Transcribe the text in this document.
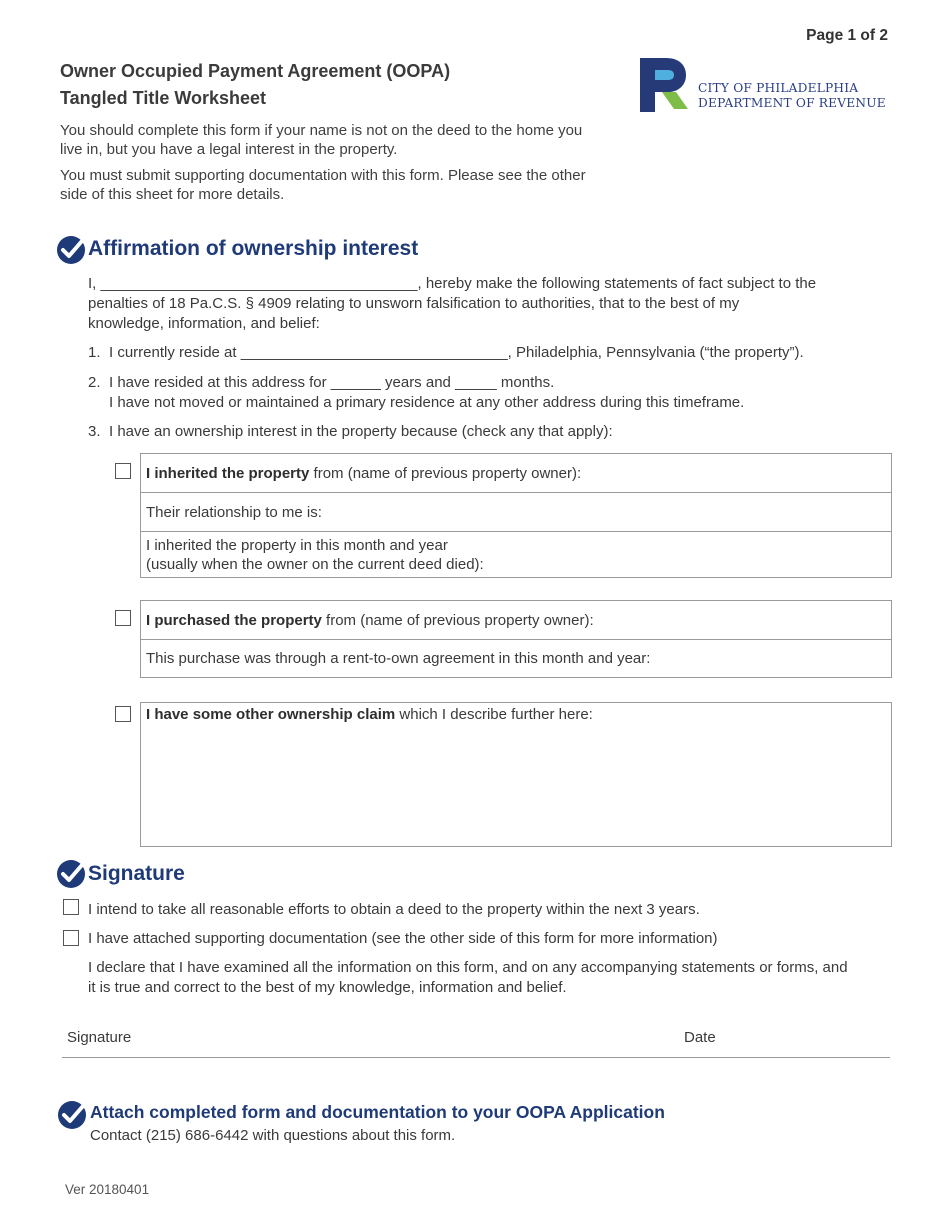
Page 1 of 2
Owner Occupied Payment Agreement (OOPA)
Tangled Title Worksheet
You should complete this form if your name is not on the deed to the home you live in, but you have a legal interest in the property.
You must submit supporting documentation with this form. Please see the other side of this sheet for more details.
CITY OF PHILADELPHIA
DEPARTMENT OF REVENUE
Affirmation of ownership interest
I, ______________________________________, hereby make the following statements of fact subject to the penalties of 18 Pa.C.S. § 4909 relating to unsworn falsification to authorities, that to the best of my knowledge, information, and belief:
1. I currently reside at ________________________________, Philadelphia, Pennsylvania (“the property”).
2. I have resided at this address for ______ years and _____ months.
I have not moved or maintained a primary residence at any other address during this timeframe.
3. I have an ownership interest in the property because (check any that apply):
I inherited the property from (name of previous property owner):
Their relationship to me is:
I inherited the property in this month and year
(usually when the owner on the current deed died):
I purchased the property from (name of previous property owner):
This purchase was through a rent-to-own agreement in this month and year:
I have some other ownership claim which I describe further here:
Signature
I intend to take all reasonable efforts to obtain a deed to the property within the next 3 years.
I have attached supporting documentation (see the other side of this form for more information)
I declare that I have examined all the information on this form, and on any accompanying statements or forms, and it is true and correct to the best of my knowledge, information and belief.
Signature	Date
Attach completed form and documentation to your OOPA Application
Contact (215) 686-6442 with questions about this form.
Ver 20180401
